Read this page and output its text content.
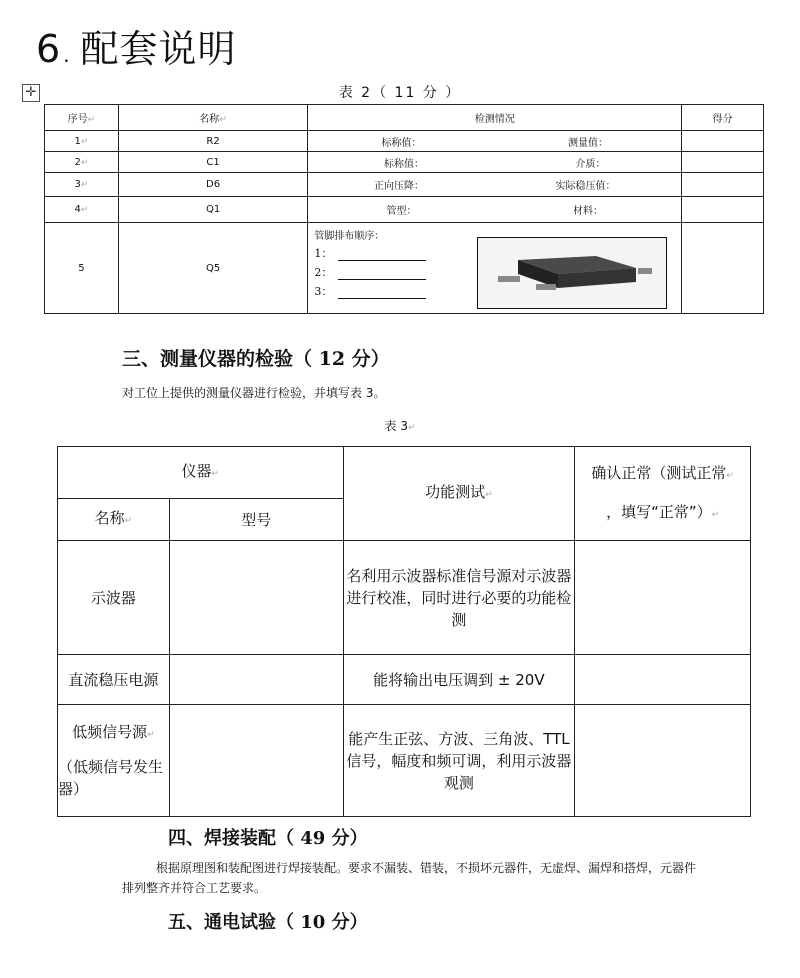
6 . 配套说明
✛	表 2（ 11 分 ）
序号↵	名称↵	检测情况	得分
1↵	R2	标称值： 测量值：	

2↵	C1	标称值： 介质：	

3↵	D6	正向压降： 实际稳压值：	

4↵	Q1	管型： 材料：	

5	Q5	管脚排布顺序：
1：
2：
3：	

三、测量仪器的检验（ 12 分）
对工位上提供的测量仪器进行检验，并填写表 3。
表 3↵
仪器↵		功能测试↵	确认正常（测试正常↵
，填写“正常”）↵

名称↵	型号		
示波器		名利用示波器标准信号源对示波器进行校准，同时进行必要的功能检测	
直流稳压电源		能将输出电压调到 ± 20V	

低频信号源↵
（低频信号发生器）		能产生正弦、方波、三角波、TTL 信号，幅度和频可调，利用示波器观测	
四、焊接装配（ 49 分）
根据原理图和装配图进行焊接装配。要求不漏装、错装，不损坏元器件，无虚焊、漏焊和搭焊，元器件排列整齐并符合工艺要求。
五、通电试验（ 10 分）
